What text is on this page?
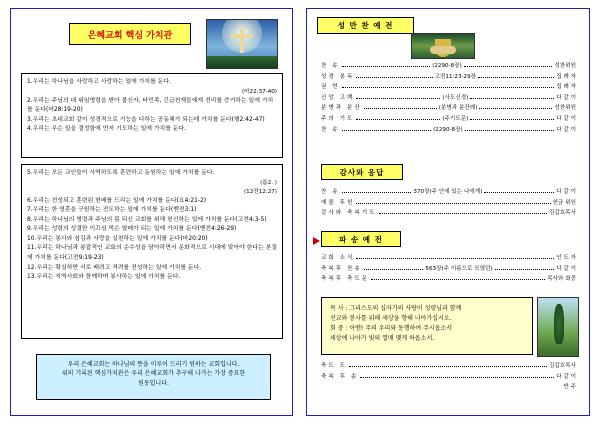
은혜교회 핵심 가치관

1.우리는 하나님을 사랑하고 사랑하는 일에 가치를 둔다.

(마22:37-40)

2.우리는 주님의 대 위임명령을 받아 불신자, 타민족, 긴급천재들에게 전리를 증거하는 일에 가치를 둔다(마28:19-20)

3.우리는 초대교회 같이 성경적으로 기능을 다하는 공동체가 되는데 가치를 둔다(행2:42-47)

4.우리는 무슨 일을 결정함에 먼저 기도하는 일에 가치를 둔다.

5.우리는 모든 교인들이 사역하도록 훈련하고 동원하는 일에 가치를 둔다.

(롬2. )

(12전12:27)

6.우리는 전성되고 훈련된 헌배를 드리는 일에 가치를 둔다(요4:21-2)

7.우리는 한 영혼을 구원하는 전도하는 일에 가치를 둔다(벧전3:1)

8.우리는 하나님의 명령과 주님의 몸 되신 교회를 위해 헌신하는 일에 가치를 둔다(고전4:3-5)

9.우리는 성령의 성결한 이끄심 먹은 열매가 되는 일에 가치를 둔다(벧전4:26-29)

10.우리는 봉사와 섬김과 사랑을 실천하는 일에 가치를 둔다(마20:20)

11.우리는 하나님과 봉잡적인 교회의 순수성을 담아하면서 문화적으로 시대에 맞아야 한다는 본질에 가치를 둔다(고전9:19-23)

12.우리는 확실하면 서로 배려고 격려를 전성하는 일에 가치를 둔다.

13.우리는 지역사회와 함께하며 봉사하는 일에 가치를 둔다.

우리 은혜교회는 하나님의 뜻을 이루어 드리기 원하는 교회입니다.
위의 기록된 핵심가치관은 우리 은혜교회가 추구해 나가는 가장 중요한
원동입니다.
성 만 찬 예 전
찬 송	(2290-8장)	성찬위원
성경 봉독	고전11:23-29장	집 례 자
권 면	집 례 자
신앙 고백	(사도신경)	다 같 이
분병과 분잔	(분병과 분잔례)	성찬위원
주의 기도	(주기도문)	다 같 이
찬 송	(2290-8장)	다 같 이
감사와 응답
찬 송	370장(주 안에 있는 나에게)	다 같 이
예물 후헌	헌금 위원
감사와 축복기도	김갑호목사
파 송 예 전
교회 소식	인 도 자
축복후 찬송	563장(주 이름으로 모였던)	다 같 이
축복후 축도문	목사와 회중
목 사 : 그리스도의 십자가의 사랑이 성령님과 함께
선교와 봉사를 위해 세상을 향해 나아가십시오.
회 중 : 아멘! 주의 우리와 동행하여 주시옵소서
세상에 나아가 빛의 열매 맺게 하옵소서.
축도 도	김갑호목사
축복 후 송	다 같 이
반 주
